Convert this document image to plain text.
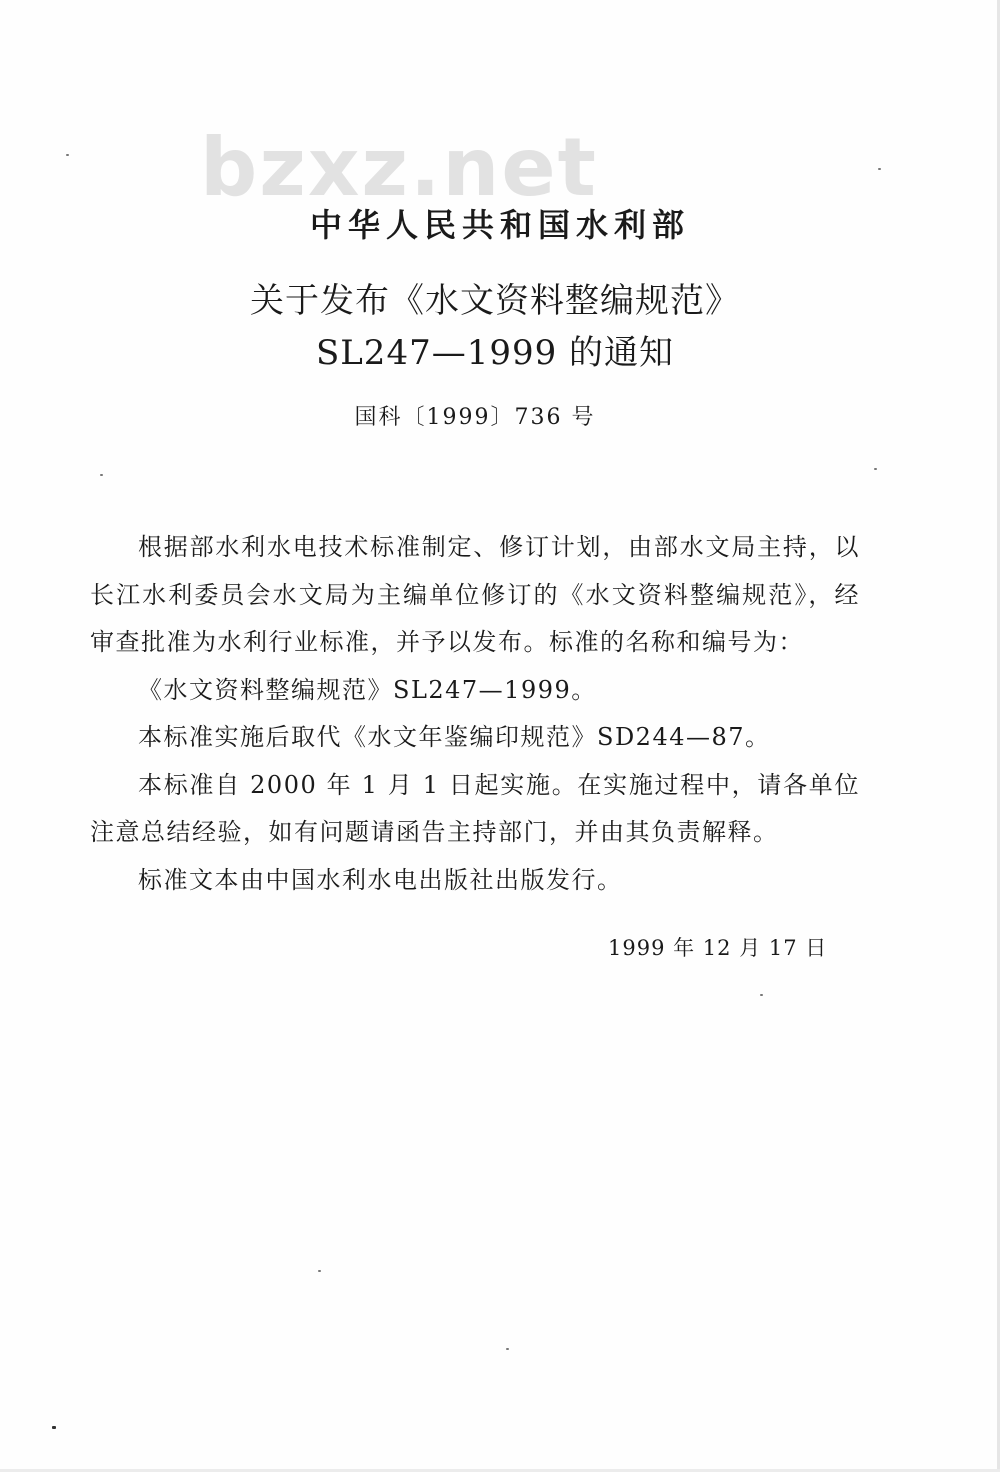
bzxz.net
中华人民共和国水利部
关于发布《水文资料整编规范》
SL247—1999 的通知
国科〔1999〕736 号

根据部水利水电技术标准制定、修订计划，由部水文局主持，以长江水利委员会水文局为主编单位修订的《水文资料整编规范》，经审查批准为水利行业标准，并予以发布。标准的名称和编号为：

《水文资料整编规范》SL247—1999。

本标准实施后取代《水文年鉴编印规范》SD244—87。

本标准自 2000 年 1 月 1 日起实施。在实施过程中，请各单位注意总结经验，如有问题请函告主持部门，并由其负责解释。

标准文本由中国水利水电出版社出版发行。

1999 年 12 月 17 日
